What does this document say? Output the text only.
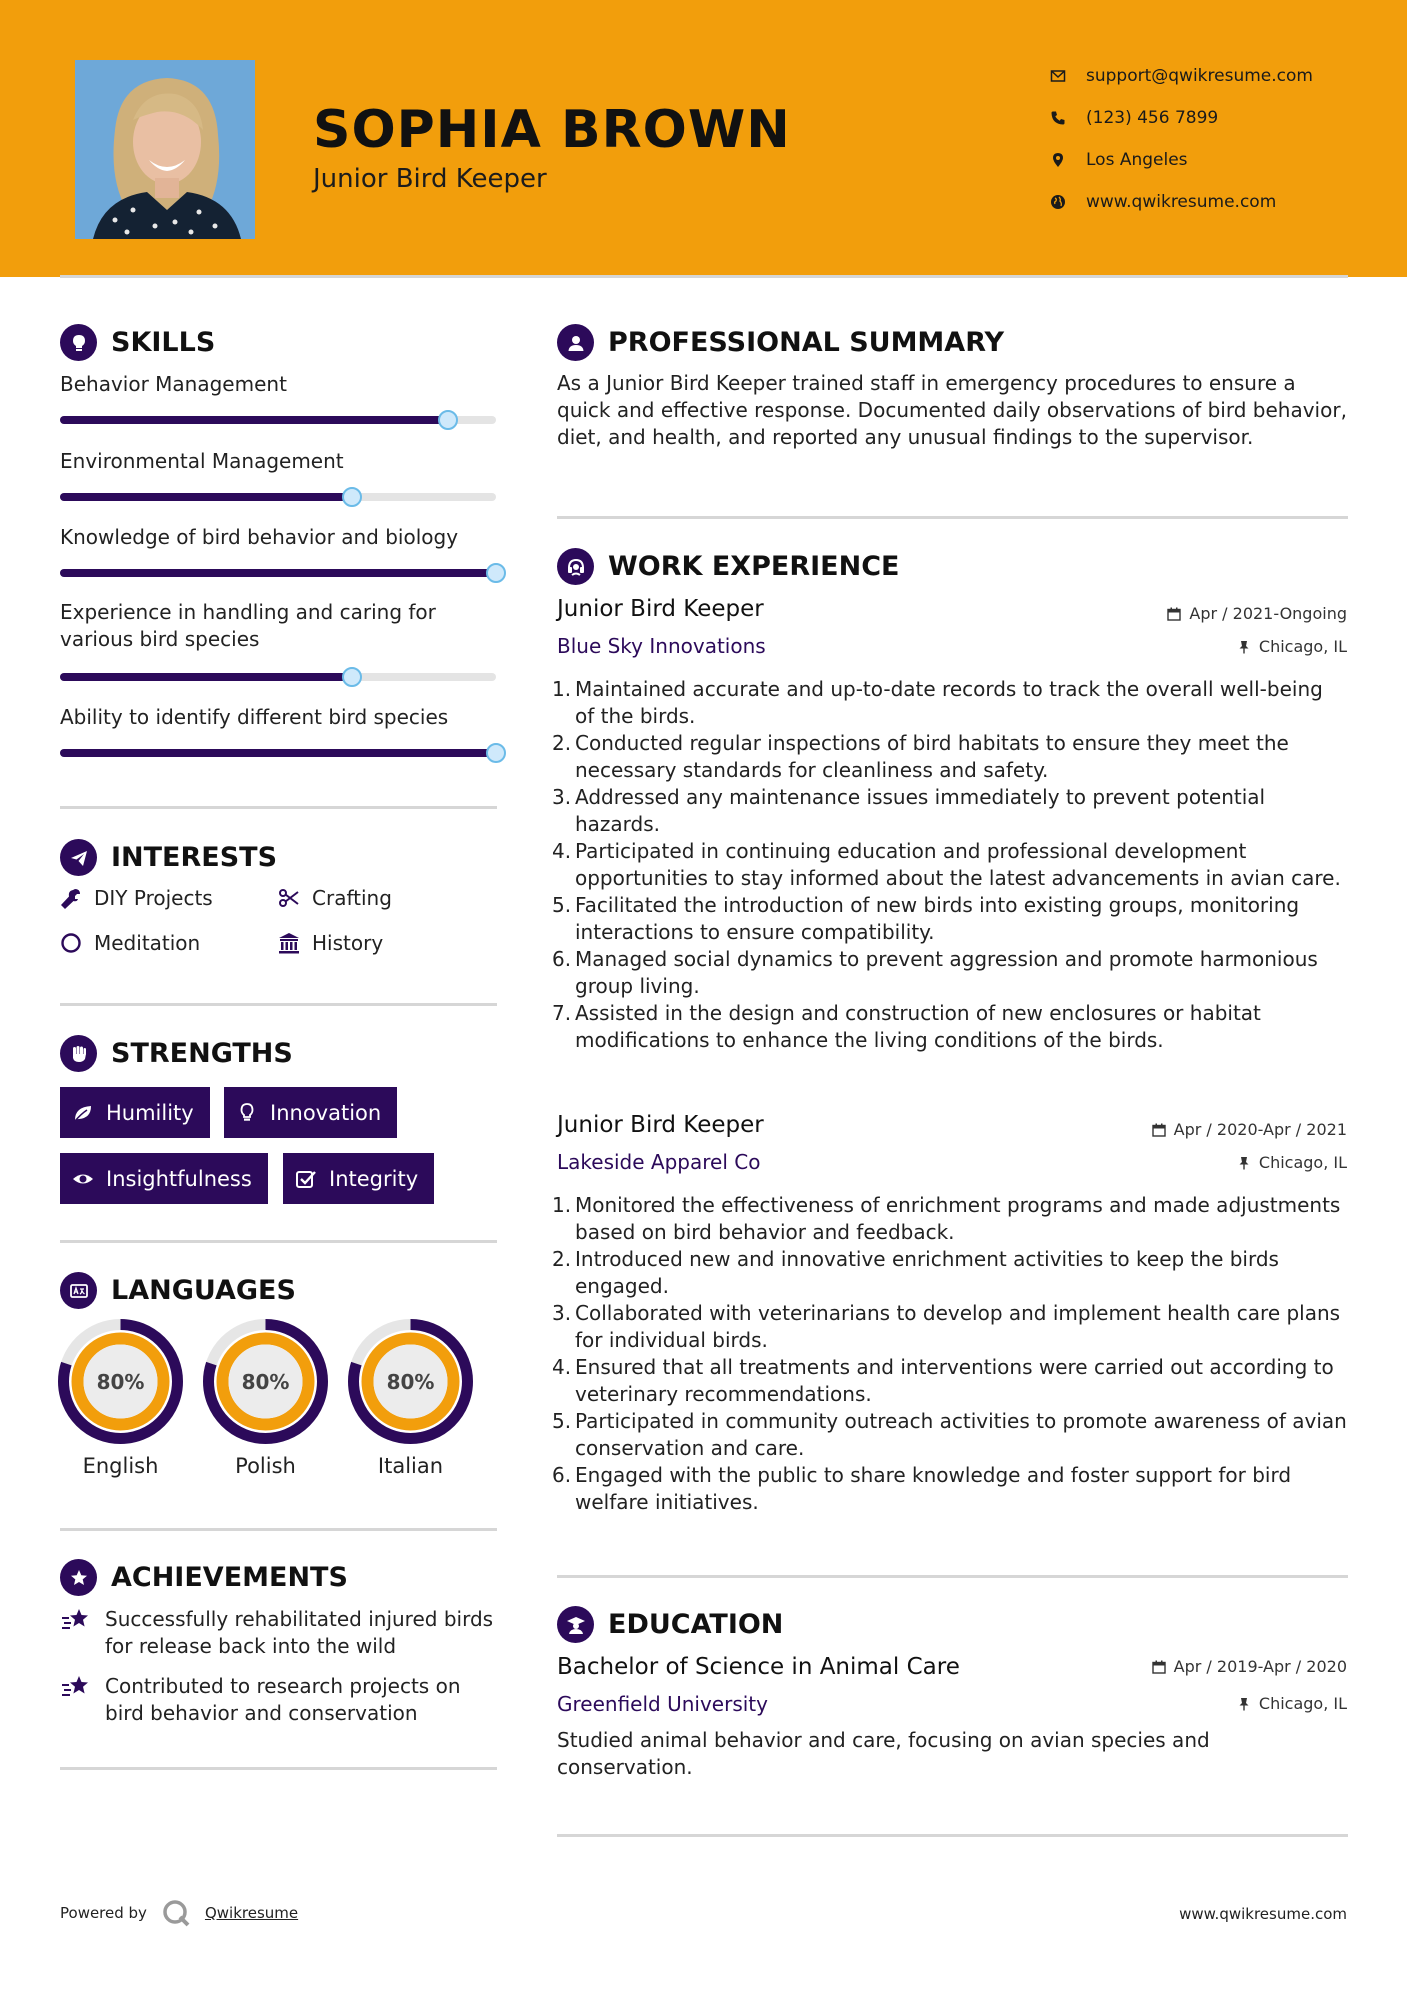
SOPHIA BROWN
Junior Bird Keeper
support@qwikresume.com
(123) 456 7899
Los Angeles
www.qwikresume.com
SKILLS
Behavior Management
Environmental Management
Knowledge of bird behavior and biology
Experience in handling and caring for various bird species
Ability to identify different bird species
INTERESTS
DIY Projects	Crafting
Meditation	History
STRENGTHS
Humility	Innovation
Insightfulness	Integrity
LANGUAGES
80%
English
80%
Polish
80%
Italian
ACHIEVEMENTS
Successfully rehabilitated injured birds for release back into the wild
Contributed to research projects on bird behavior and conservation
PROFESSIONAL SUMMARY
As a Junior Bird Keeper trained staff in emergency procedures to ensure a quick and effective response. Documented daily observations of bird behavior, diet, and health, and reported any unusual findings to the supervisor.
WORK EXPERIENCE
Junior Bird Keeper	Apr / 2021-Ongoing
Blue Sky Innovations	Chicago, IL
1. Maintained accurate and up-to-date records to track the overall well-being of the birds.
2. Conducted regular inspections of bird habitats to ensure they meet the necessary standards for cleanliness and safety.
3. Addressed any maintenance issues immediately to prevent potential hazards.
4. Participated in continuing education and professional development opportunities to stay informed about the latest advancements in avian care.
5. Facilitated the introduction of new birds into existing groups, monitoring interactions to ensure compatibility.
6. Managed social dynamics to prevent aggression and promote harmonious group living.
7. Assisted in the design and construction of new enclosures or habitat modifications to enhance the living conditions of the birds.
Junior Bird Keeper	Apr / 2020-Apr / 2021
Lakeside Apparel Co	Chicago, IL
1. Monitored the effectiveness of enrichment programs and made adjustments based on bird behavior and feedback.
2. Introduced new and innovative enrichment activities to keep the birds engaged.
3. Collaborated with veterinarians to develop and implement health care plans for individual birds.
4. Ensured that all treatments and interventions were carried out according to veterinary recommendations.
5. Participated in community outreach activities to promote awareness of avian conservation and care.
6. Engaged with the public to share knowledge and foster support for bird welfare initiatives.
EDUCATION
Bachelor of Science in Animal Care	Apr / 2019-Apr / 2020
Greenfield University	Chicago, IL
Studied animal behavior and care, focusing on avian species and conservation.
Powered by	Qwikresume	www.qwikresume.com
